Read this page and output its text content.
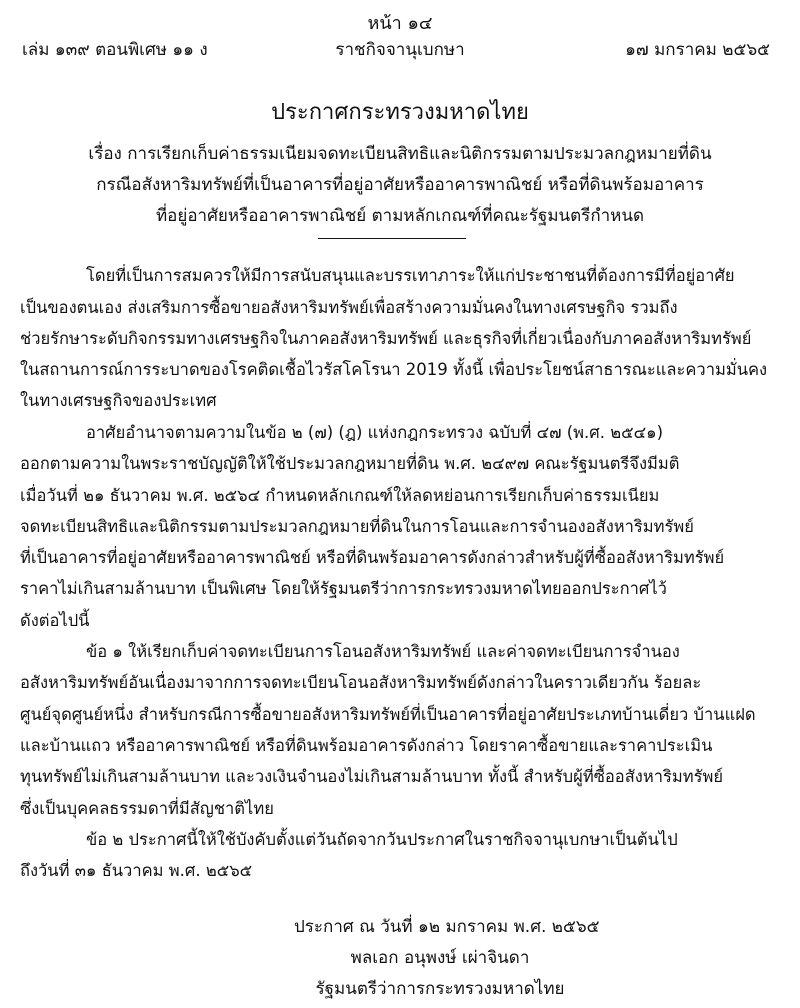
หน้า ๑๔
เล่ม ๑๓๙ ตอนพิเศษ ๑๑ ง	ราชกิจจานุเบกษา	๑๗ มกราคม ๒๕๖๕
ประกาศกระทรวงมหาดไทย
เรื่อง การเรียกเก็บค่าธรรมเนียมจดทะเบียนสิทธิและนิติกรรมตามประมวลกฎหมายที่ดิน
กรณีอสังหาริมทรัพย์ที่เป็นอาคารที่อยู่อาศัยหรืออาคารพาณิชย์ หรือที่ดินพร้อมอาคาร
ที่อยู่อาศัยหรืออาคารพาณิชย์ ตามหลักเกณฑ์ที่คณะรัฐมนตรีกำหนด
โดยที่เป็นการสมควรให้มีการสนับสนุนและบรรเทาภาระให้แก่ประชาชนที่ต้องการมีที่อยู่อาศัย
เป็นของตนเอง ส่งเสริมการซื้อขายอสังหาริมทรัพย์เพื่อสร้างความมั่นคงในทางเศรษฐกิจ รวมถึง
ช่วยรักษาระดับกิจกรรมทางเศรษฐกิจในภาคอสังหาริมทรัพย์ และธุรกิจที่เกี่ยวเนื่องกับภาคอสังหาริมทรัพย์
ในสถานการณ์การระบาดของโรคติดเชื้อไวรัสโคโรนา 2019 ทั้งนี้ เพื่อประโยชน์สาธารณะและความมั่นคง
ในทางเศรษฐกิจของประเทศ
อาศัยอำนาจตามความในข้อ ๒ (๗) (ฎ) แห่งกฎกระทรวง ฉบับที่ ๔๗ (พ.ศ. ๒๕๔๑)
ออกตามความในพระราชบัญญัติให้ใช้ประมวลกฎหมายที่ดิน พ.ศ. ๒๔๙๗ คณะรัฐมนตรีจึงมีมติ
เมื่อวันที่ ๒๑ ธันวาคม พ.ศ. ๒๕๖๔ กำหนดหลักเกณฑ์ให้ลดหย่อนการเรียกเก็บค่าธรรมเนียม
จดทะเบียนสิทธิและนิติกรรมตามประมวลกฎหมายที่ดินในการโอนและการจำนองอสังหาริมทรัพย์
ที่เป็นอาคารที่อยู่อาศัยหรืออาคารพาณิชย์ หรือที่ดินพร้อมอาคารดังกล่าวสำหรับผู้ที่ซื้ออสังหาริมทรัพย์
ราคาไม่เกินสามล้านบาท เป็นพิเศษ โดยให้รัฐมนตรีว่าการกระทรวงมหาดไทยออกประกาศไว้
ดังต่อไปนี้
ข้อ ๑ ให้เรียกเก็บค่าจดทะเบียนการโอนอสังหาริมทรัพย์ และค่าจดทะเบียนการจำนอง
อสังหาริมทรัพย์อันเนื่องมาจากการจดทะเบียนโอนอสังหาริมทรัพย์ดังกล่าวในคราวเดียวกัน ร้อยละ
ศูนย์จุดศูนย์หนึ่ง สำหรับกรณีการซื้อขายอสังหาริมทรัพย์ที่เป็นอาคารที่อยู่อาศัยประเภทบ้านเดี่ยว บ้านแฝด
และบ้านแถว หรืออาคารพาณิชย์ หรือที่ดินพร้อมอาคารดังกล่าว โดยราคาซื้อขายและราคาประเมิน
ทุนทรัพย์ไม่เกินสามล้านบาท และวงเงินจำนองไม่เกินสามล้านบาท ทั้งนี้ สำหรับผู้ที่ซื้ออสังหาริมทรัพย์
ซึ่งเป็นบุคคลธรรมดาที่มีสัญชาติไทย
ข้อ ๒ ประกาศนี้ให้ใช้บังคับตั้งแต่วันถัดจากวันประกาศในราชกิจจานุเบกษาเป็นต้นไป
ถึงวันที่ ๓๑ ธันวาคม พ.ศ. ๒๕๖๕
ประกาศ ณ วันที่ ๑๒ มกราคม พ.ศ. ๒๕๖๕
พลเอก อนุพงษ์ เผ่าจินดา
รัฐมนตรีว่าการกระทรวงมหาดไทย
